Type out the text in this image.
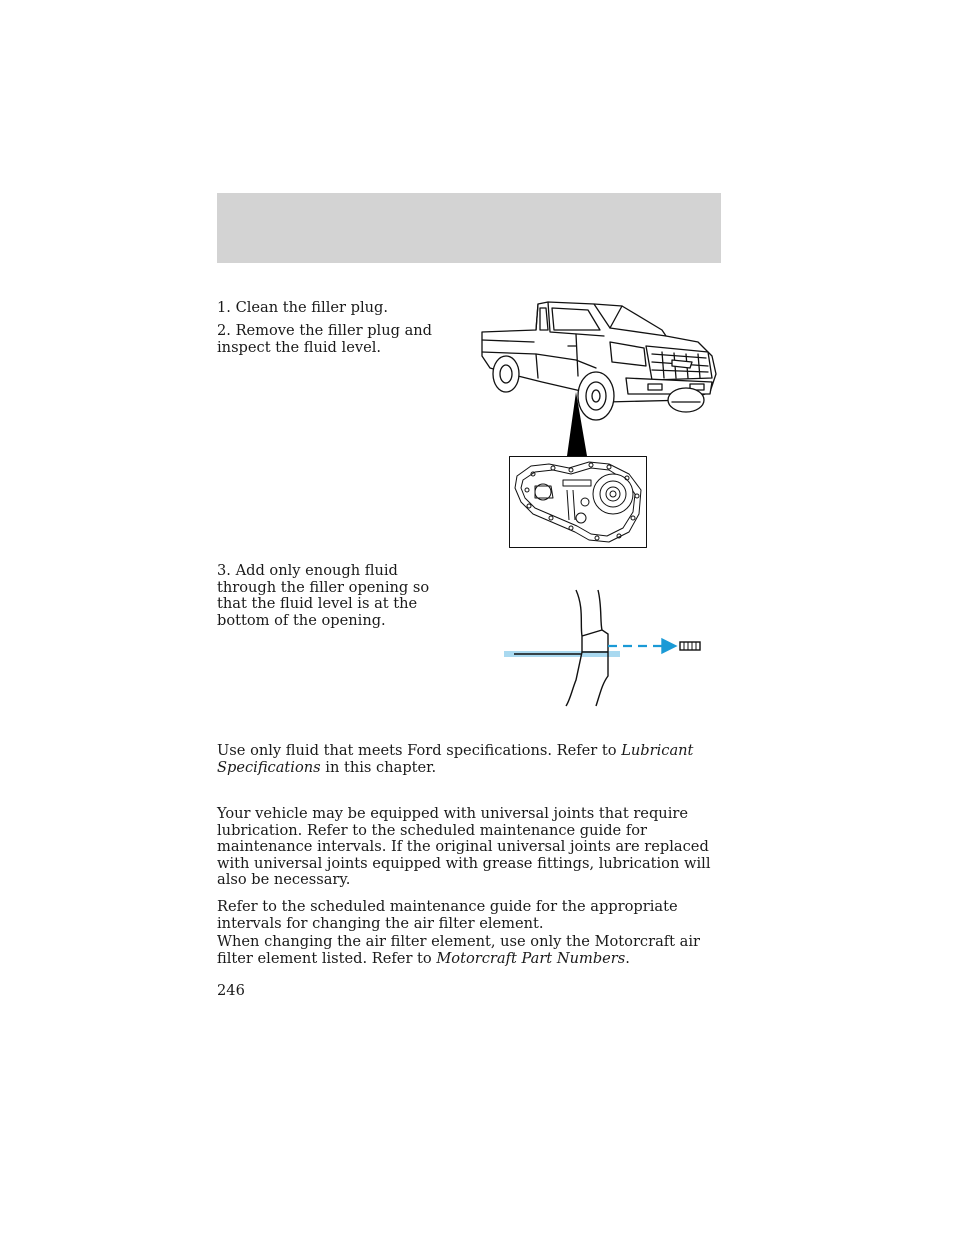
1. Clean the filler plug.

2. Remove the filler plug and inspect the fluid level.

3. Add only enough fluid through the filler opening so that the fluid level is at the bottom of the opening.

Use only fluid that meets Ford specifications. Refer to Lubricant Specifications in this chapter.

Your vehicle may be equipped with universal joints that require lubrication. Refer to the scheduled maintenance guide for maintenance intervals. If the original universal joints are replaced with universal joints equipped with grease fittings, lubrication will also be necessary.

Refer to the scheduled maintenance guide for the appropriate intervals for changing the air filter element.

When changing the air filter element, use only the Motorcraft air filter element listed. Refer to Motorcraft Part Numbers.

246
